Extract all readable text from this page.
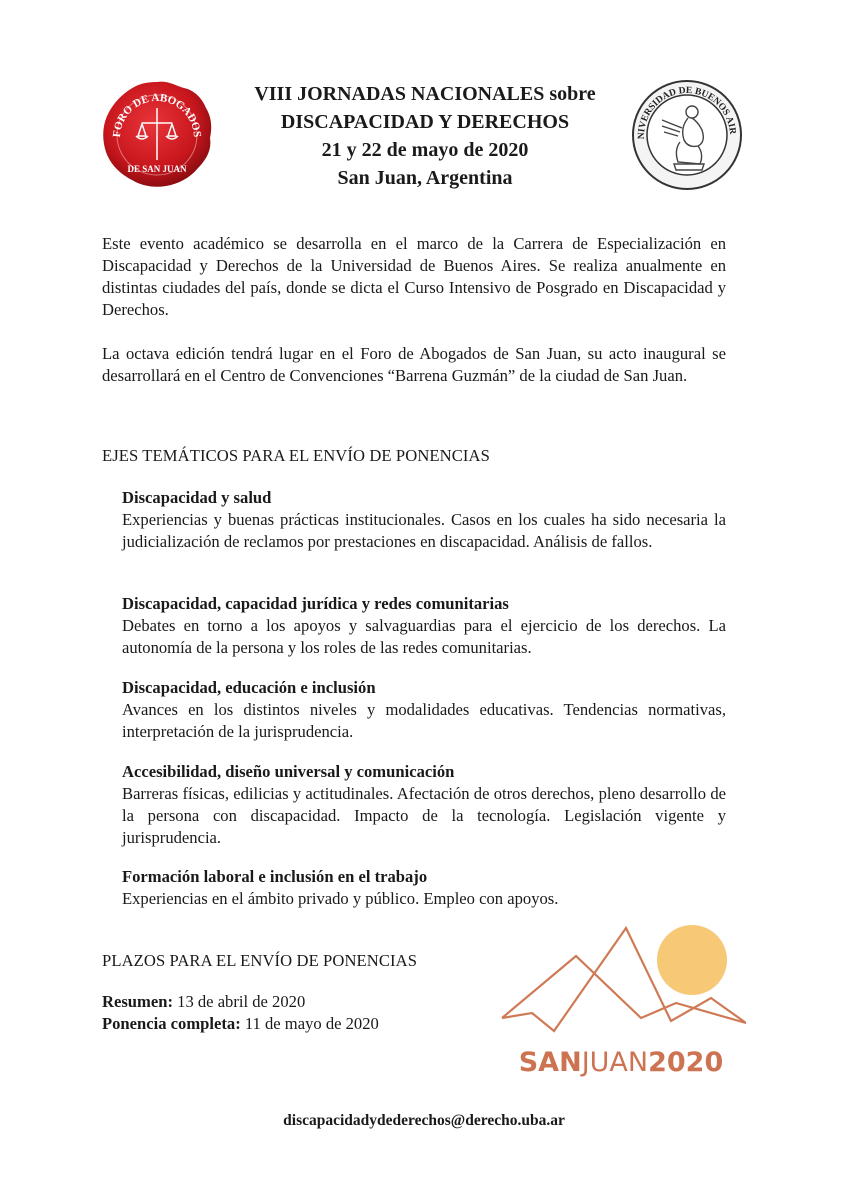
FORO DE ABOGADOS
DE SAN JUAN
VIII JORNADAS NACIONALES sobre
DISCAPACIDAD Y DERECHOS
21 y 22 de mayo de 2020
San Juan, Argentina
NIVERSIDAD DE BUENOS AIR
Este evento académico se desarrolla en el marco de la Carrera de Especialización en Discapacidad y Derechos de la Universidad de Buenos Aires. Se realiza anualmente en distintas ciudades del país, donde se dicta el Curso Intensivo de Posgrado en Discapacidad y Derechos.
La octava edición tendrá lugar en el Foro de Abogados de San Juan, su acto inaugural se desarrollará en el Centro de Convenciones “Barrena Guzmán” de la ciudad de San Juan.
EJES TEMÁTICOS PARA EL ENVÍO DE PONENCIAS
Discapacidad y salud
Experiencias y buenas prácticas institucionales. Casos en los cuales ha sido necesaria la judicialización de reclamos por prestaciones en discapacidad. Análisis de fallos.
Discapacidad, capacidad jurídica y redes comunitarias
Debates en torno a los apoyos y salvaguardias para el ejercicio de los derechos. La autonomía de la persona y los roles de las redes comunitarias.
Discapacidad, educación e inclusión
Avances en los distintos niveles y modalidades educativas. Tendencias normativas, interpretación de la jurisprudencia.
Accesibilidad, diseño universal y comunicación
Barreras físicas, edilicias y actitudinales. Afectación de otros derechos, pleno desarrollo de la persona con discapacidad. Impacto de la tecnología. Legislación vigente y jurisprudencia.
Formación laboral e inclusión en el trabajo
Experiencias en el ámbito privado y público. Empleo con apoyos.
PLAZOS PARA EL ENVÍO DE PONENCIAS
Resumen: 13 de abril de 2020
Ponencia completa: 11 de mayo de 2020
SANJUAN2020
discapacidadydederechos@derecho.uba.ar
